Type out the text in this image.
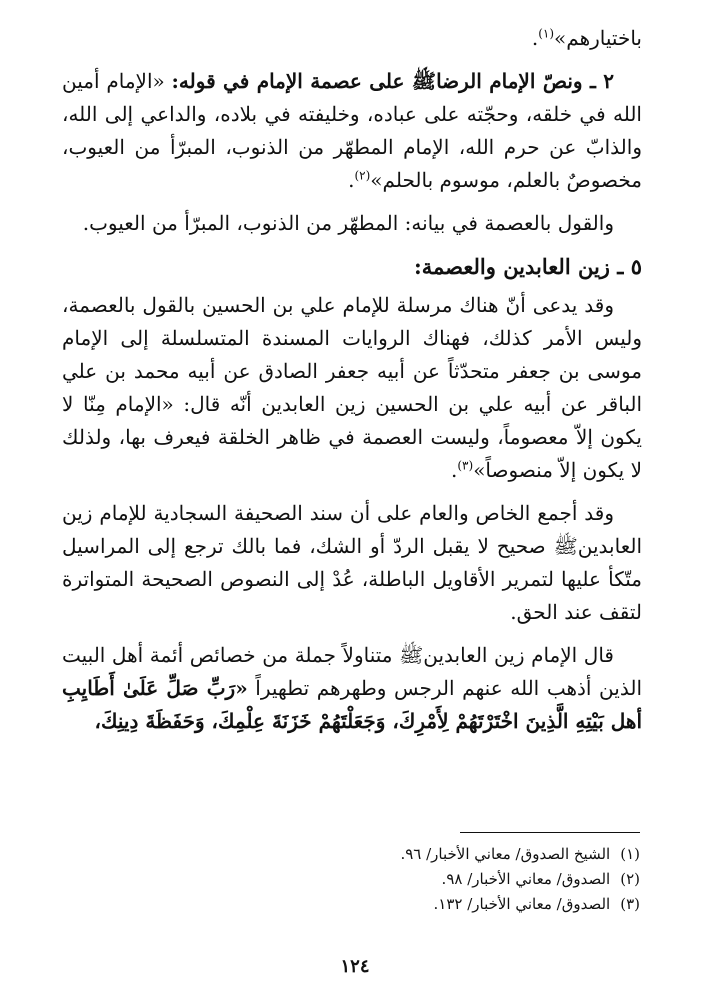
باختيارهم»$^{(١)}$.

٢ ـ ونصّ الإمام الرضاﷺ على عصمة الإمام في قوله: «الإمام أمين الله في خلقه، وحجّته على عباده، وخليفته في بلاده، والداعي إلى الله، والذابّ عن حرم الله، الإمام المطهّر من الذنوب، المبرّأ من العيوب، مخصوصٌ بالعلم، موسوم بالحلم»$^{(٢)}$.

والقول بالعصمة في بيانه: المطهّر من الذنوب، المبرّأ من العيوب.

٥ ـ زين العابدين والعصمة:

وقد يدعى أنّ هناك مرسلة للإمام علي بن الحسين بالقول بالعصمة، وليس الأمر كذلك، فهناك الروايات المسندة المتسلسلة إلى الإمام موسى بن جعفر متحدّثاً عن أبيه جعفر الصادق عن أبيه محمد بن علي الباقر عن أبيه علي بن الحسين زين العابدين أنّه قال: «الإمام مِنّا لا يكون إلاّ معصوماً، وليست العصمة في ظاهر الخلقة فيعرف بها، ولذلك لا يكون إلاّ منصوصاً»$^{(٣)}$.

وقد أجمع الخاص والعام على أن سند الصحيفة السجادية للإمام زين العابدينﷺ صحيح لا يقبل الردّ أو الشك، فما بالك ترجع إلى المراسيل متّكأ عليها لتمرير الأقاويل الباطلة، عُدْ إلى النصوص الصحيحة المتواترة لتقف عند الحق.

قال الإمام زين العابدينﷺ متناولاً جملة من خصائص أئمة أهل البيت الذين أذهب الله عنهم الرجس وطهرهم تطهيراً «رَبِّ صَلِّ عَلَىٰ أَطَايِبِ أهل بَيْتِهِ الَّذِينَ اخْتَرْتَهُمْ لِأَمْرِكَ، وَجَعَلْتَهُمْ خَزَنَةَ عِلْمِكَ، وَحَفَظَةَ دِينِكَ،

(١)الشيخ الصدوق/ معاني الأخبار/ ٩٦.
(٢)الصدوق/ معاني الأخبار/ ٩٨.
(٣)الصدوق/ معاني الأخبار/ ١٣٢.
١٢٤
